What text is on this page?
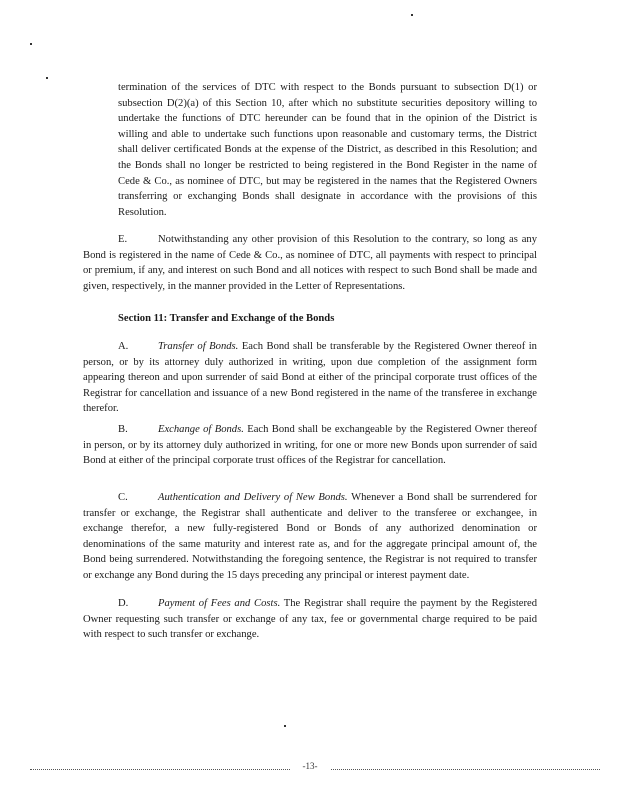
termination of the services of DTC with respect to the Bonds pursuant to subsection D(1) or subsection D(2)(a) of this Section 10, after which no substitute securities depository willing to undertake the functions of DTC hereunder can be found that in the opinion of the District is willing and able to undertake such functions upon reasonable and customary terms, the District shall deliver certificated Bonds at the expense of the District, as described in this Resolution; and the Bonds shall no longer be restricted to being registered in the Bond Register in the name of Cede & Co., as nominee of DTC, but may be registered in the names that the Registered Owners transferring or exchanging Bonds shall designate in accordance with the provisions of this Resolution.

E.	Notwithstanding any other provision of this Resolution to the contrary, so long as any Bond is registered in the name of Cede & Co., as nominee of DTC, all payments with respect to principal or premium, if any, and interest on such Bond and all notices with respect to such Bond shall be made and given, respectively, in the manner provided in the Letter of Representations.

Section 11: Transfer and Exchange of the Bonds

A.	Transfer of Bonds. Each Bond shall be transferable by the Registered Owner thereof in person, or by its attorney duly authorized in writing, upon due completion of the assignment form appearing thereon and upon surrender of said Bond at either of the principal corporate trust offices of the Registrar for cancellation and issuance of a new Bond registered in the name of the transferee in exchange therefor.

B.	Exchange of Bonds. Each Bond shall be exchangeable by the Registered Owner thereof in person, or by its attorney duly authorized in writing, for one or more new Bonds upon surrender of said Bond at either of the principal corporate trust offices of the Registrar for cancellation.

C.	Authentication and Delivery of New Bonds. Whenever a Bond shall be surrendered for transfer or exchange, the Registrar shall authenticate and deliver to the transferee or exchangee, in exchange therefor, a new fully-registered Bond or Bonds of any authorized denomination or denominations of the same maturity and interest rate as, and for the aggregate principal amount of, the Bond being surrendered. Notwithstanding the foregoing sentence, the Registrar is not required to transfer or exchange any Bond during the 15 days preceding any principal or interest payment date.

D.	Payment of Fees and Costs. The Registrar shall require the payment by the Registered Owner requesting such transfer or exchange of any tax, fee or governmental charge required to be paid with respect to such transfer or exchange.

-13-
